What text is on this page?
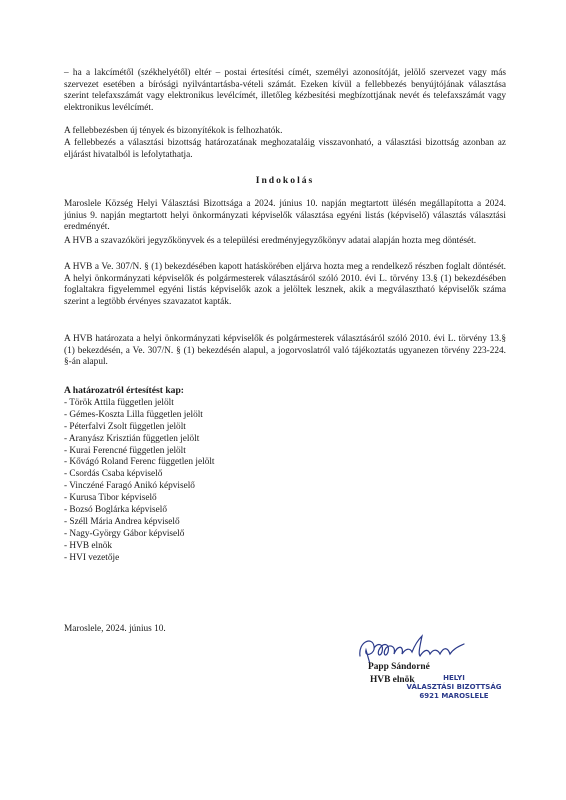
– ha a lakcímétől (székhelyétől) eltér – postai értesítési címét, személyi azonosítóját, jelölő szervezet vagy más szervezet esetében a bírósági nyilvántartásba-vételi számát. Ezeken kívül a fellebbezés benyújtójának választása szerint telefaxszámát vagy elektronikus levélcímét, illetőleg kézbesítési megbízottjának nevét és telefaxszámát vagy elektronikus levélcímét.
A fellebbezésben új tények és bizonyítékok is felhozhatók.
A fellebbezés a választási bizottság határozatának meghozataláig visszavonható, a választási bizottság azonban az eljárást hivatalból is lefolytathatja.
Indokolás
Maroslele Község Helyi Választási Bizottsága a 2024. június 10. napján megtartott ülésén megállapította a 2024. június 9. napján megtartott helyi önkormányzati képviselők választása egyéni listás (képviselő) választás választási eredményét.
A HVB a szavazóköri jegyzőkönyvek és a települési eredményjegyzőkönyv adatai alapján hozta meg döntését.
A HVB a Ve. 307/N. § (1) bekezdésében kapott hatáskörében eljárva hozta meg a rendelkező részben foglalt döntését. A helyi önkormányzati képviselők és polgármesterek választásáról szóló 2010. évi L. törvény 13.§ (1) bekezdésében foglaltakra figyelemmel egyéni listás képviselők azok a jelöltek lesznek, akik a megválasztható képviselők száma szerint a legtöbb érvényes szavazatot kapták.
A HVB határozata a helyi önkormányzati képviselők és polgármesterek választásáról szóló 2010. évi L. törvény 13.§ (1) bekezdésén, a Ve. 307/N. § (1) bekezdésén alapul, a jogorvoslatról való tájékoztatás ugyanezen törvény 223-224. §-án alapul.
A határozatról értesítést kap:
- Török Attila független jelölt
- Gémes-Koszta Lilla független jelölt
- Péterfalvi Zsolt független jelölt
- Aranyász Krisztián független jelölt
- Kurai Ferencné független jelölt
- Kővágó Roland Ferenc független jelölt
- Csordás Csaba képviselő
- Vinczéné Faragó Anikó képviselő
- Kurusa Tibor képviselő
- Bozsó Boglárka képviselő
- Széll Mária Andrea képviselő
- Nagy-György Gábor képviselő
- HVB elnök
- HVI vezetője
Maroslele, 2024. június 10.
Papp Sándorné
HVB elnök	HELYI
VÁLASZTÁSI BIZOTTSÁG
6921 MAROSLELE
